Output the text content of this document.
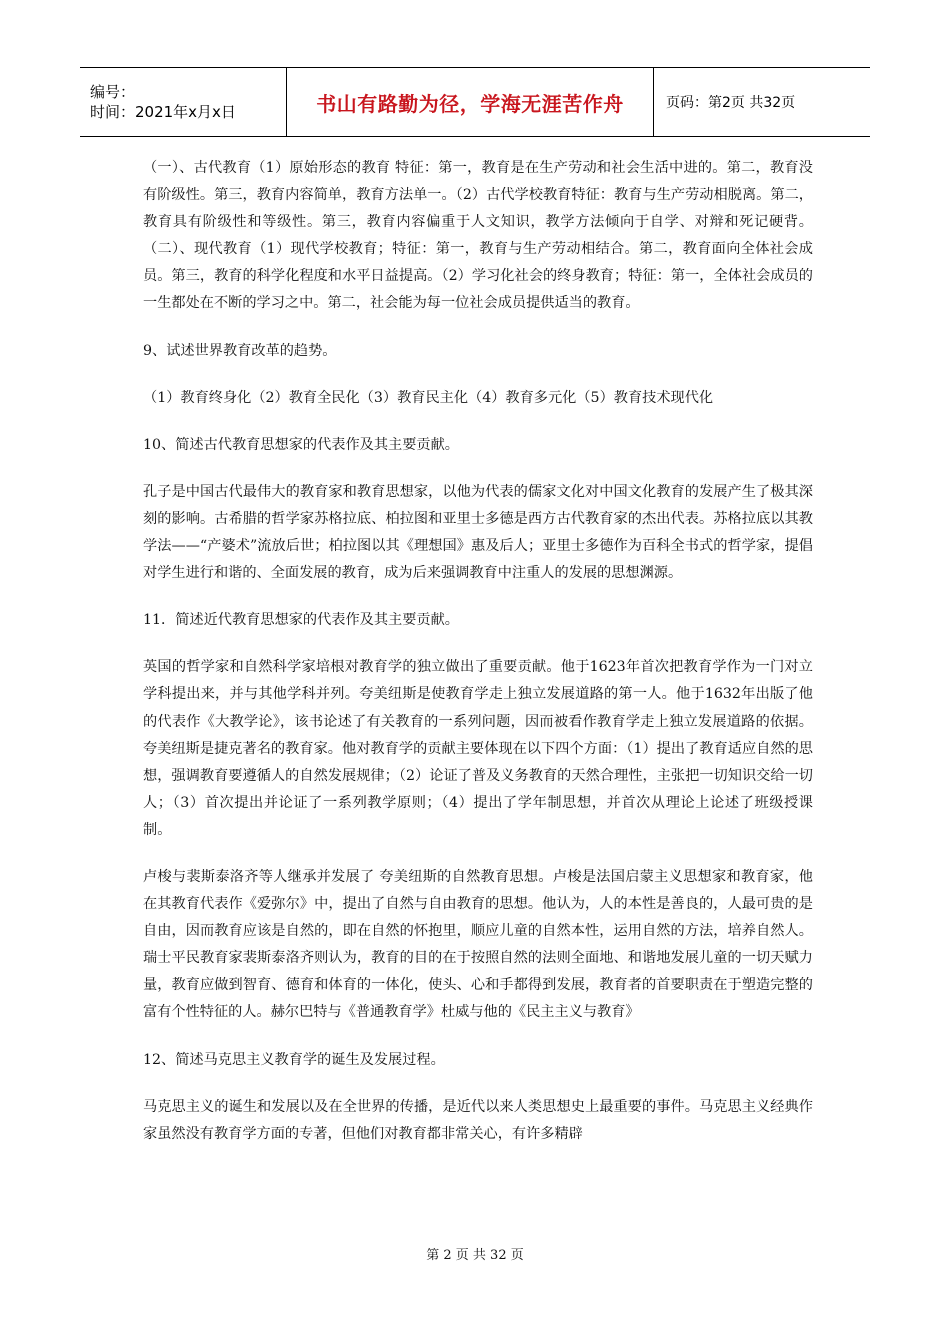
编号：
时间：2021年x月x日	书山有路勤为径，学海无涯苦作舟	页码：第2页 共32页

（一）、古代教育（1）原始形态的教育 特征：第一，教育是在生产劳动和社会生活中进的。第二，教育没有阶级性。第三，教育内容简单，教育方法单一。（2）古代学校教育特征：教育与生产劳动相脱离。第二，教育具有阶级性和等级性。第三，教育内容偏重于人文知识，教学方法倾向于自学、对辩和死记硬背。（二）、现代教育（1）现代学校教育；特征：第一，教育与生产劳动相结合。第二，教育面向全体社会成员。第三，教育的科学化程度和水平日益提高。（2）学习化社会的终身教育；特征：第一，全体社会成员的一生都处在不断的学习之中。第二，社会能为每一位社会成员提供适当的教育。

9、试述世界教育改革的趋势。

（1）教育终身化（2）教育全民化（3）教育民主化（4）教育多元化（5）教育技术现代化

10、简述古代教育思想家的代表作及其主要贡献。

孔子是中国古代最伟大的教育家和教育思想家，以他为代表的儒家文化对中国文化教育的发展产生了极其深刻的影响。古希腊的哲学家苏格拉底、柏拉图和亚里士多德是西方古代教育家的杰出代表。苏格拉底以其教学法——“产婆术”流放后世；柏拉图以其《理想国》惠及后人；亚里士多德作为百科全书式的哲学家，提倡对学生进行和谐的、全面发展的教育，成为后来强调教育中注重人的发展的思想渊源。

11．简述近代教育思想家的代表作及其主要贡献。

英国的哲学家和自然科学家培根对教育学的独立做出了重要贡献。他于1623年首次把教育学作为一门对立学科提出来，并与其他学科并列。夸美纽斯是使教育学走上独立发展道路的第一人。他于1632年出版了他的代表作《大教学论》，该书论述了有关教育的一系列问题，因而被看作教育学走上独立发展道路的依据。夸美纽斯是捷克著名的教育家。他对教育学的贡献主要体现在以下四个方面：（1）提出了教育适应自然的思想，强调教育要遵循人的自然发展规律；（2）论证了普及义务教育的天然合理性，主张把一切知识交给一切人；（3）首次提出并论证了一系列教学原则；（4）提出了学年制思想，并首次从理论上论述了班级授课制。

卢梭与裴斯泰洛齐等人继承并发展了 夸美纽斯的自然教育思想。卢梭是法国启蒙主义思想家和教育家，他在其教育代表作《爱弥尔》中，提出了自然与自由教育的思想。他认为，人的本性是善良的，人最可贵的是自由，因而教育应该是自然的，即在自然的怀抱里，顺应儿童的自然本性，运用自然的方法，培养自然人。瑞士平民教育家裴斯泰洛齐则认为，教育的目的在于按照自然的法则全面地、和谐地发展儿童的一切天赋力量，教育应做到智育、德育和体育的一体化，使头、心和手都得到发展，教育者的首要职责在于塑造完整的富有个性特征的人。赫尔巴特与《普通教育学》杜威与他的《民主主义与教育》

12、简述马克思主义教育学的诞生及发展过程。

马克思主义的诞生和发展以及在全世界的传播，是近代以来人类思想史上最重要的事件。马克思主义经典作家虽然没有教育学方面的专著，但他们对教育都非常关心，有许多精辟

第 2 页 共 32 页
